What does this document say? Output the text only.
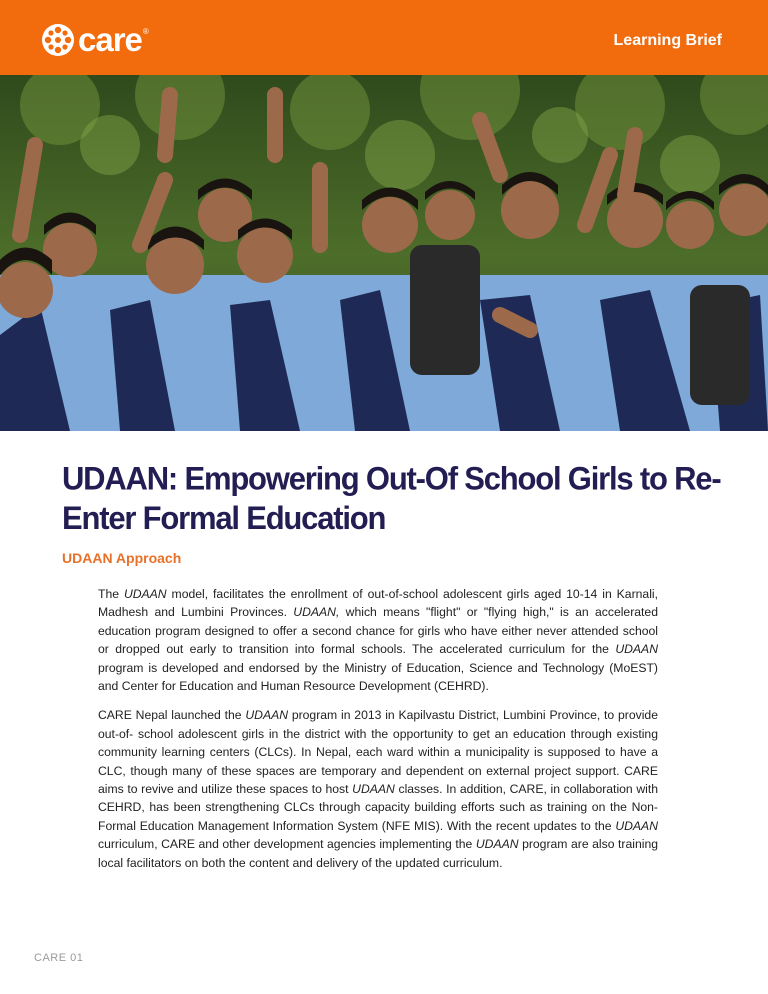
care ®
Learning Brief
UDAAN: Empowering Out-Of School Girls to Re-Enter Formal Education
UDAAN Approach

The UDAAN model, facilitates the enrollment of out-of-school adolescent girls aged 10-14 in Karnali, Madhesh and Lumbini Provinces. UDAAN, which means "flight" or "flying high," is an accelerated education program designed to offer a second chance for girls who have either never attended school or dropped out early to transition into formal schools. The accelerated curriculum for the UDAAN program is developed and endorsed by the Ministry of Education, Science and Technology (MoEST) and Center for Education and Human Resource Development (CEHRD).

CARE Nepal launched the UDAAN program in 2013 in Kapilvastu District, Lumbini Province, to provide out-of- school adolescent girls in the district with the opportunity to get an education through existing community learning centers (CLCs). In Nepal, each ward within a municipality is supposed to have a CLC, though many of these spaces are temporary and dependent on external project support. CARE aims to revive and utilize these spaces to host UDAAN classes. In addition, CARE, in collaboration with CEHRD, has been strengthening CLCs through capacity building efforts such as training on the Non-Formal Education Management Information System (NFE MIS). With the recent updates to the UDAAN curriculum, CARE and other development agencies implementing the UDAAN program are also training local facilitators on both the content and delivery of the updated curriculum.

CARE 01
